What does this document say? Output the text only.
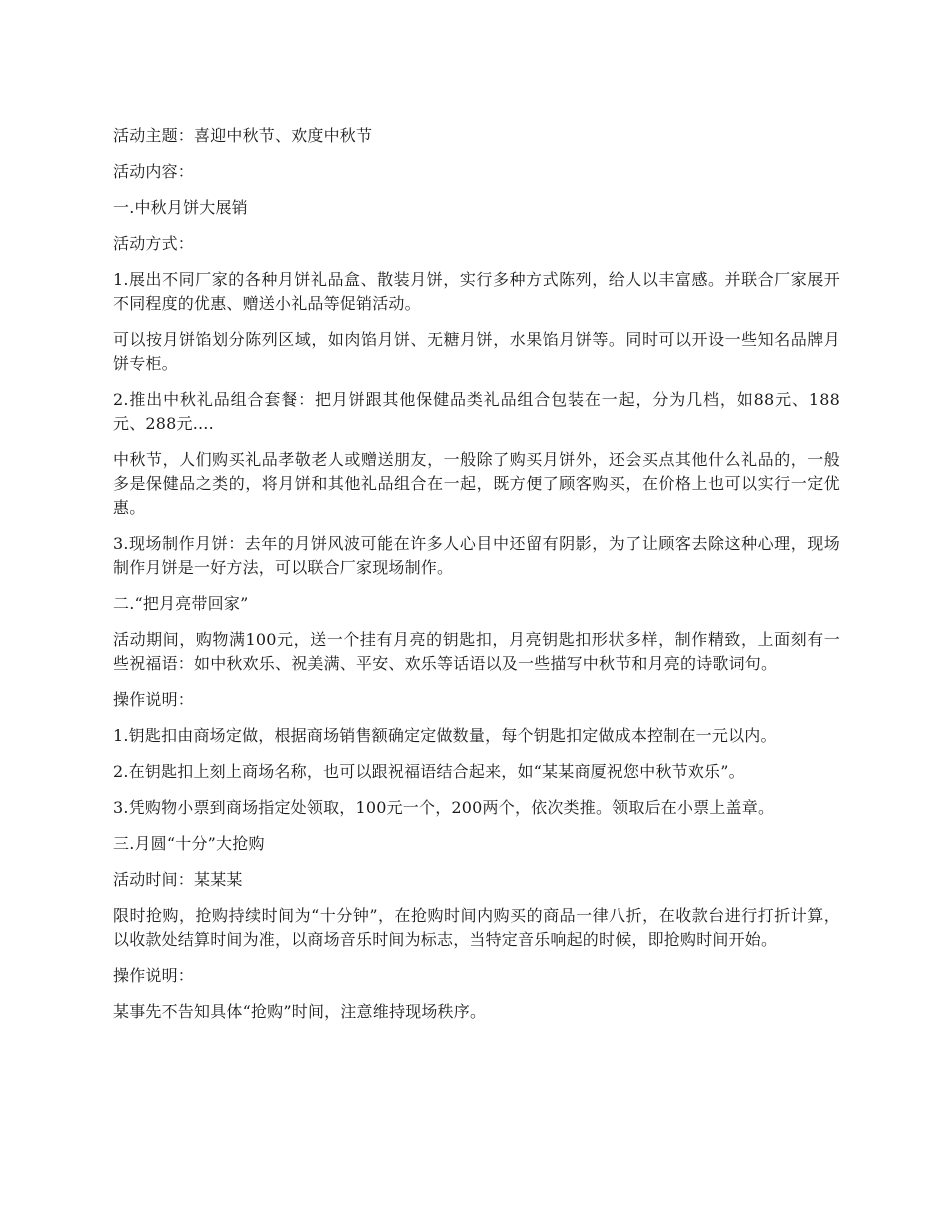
活动主题：喜迎中秋节、欢度中秋节

活动内容：

一.中秋月饼大展销

活动方式：

1.展出不同厂家的各种月饼礼品盒、散装月饼，实行多种方式陈列，给人以丰富感。并联合厂家展开不同程度的优惠、赠送小礼品等促销活动。

可以按月饼馅划分陈列区域，如肉馅月饼、无糖月饼，水果馅月饼等。同时可以开设一些知名品牌月饼专柜。

2.推出中秋礼品组合套餐：把月饼跟其他保健品类礼品组合包装在一起，分为几档，如88元、188元、288元....

中秋节，人们购买礼品孝敬老人或赠送朋友，一般除了购买月饼外，还会买点其他什么礼品的，一般多是保健品之类的，将月饼和其他礼品组合在一起，既方便了顾客购买，在价格上也可以实行一定优惠。

3.现场制作月饼：去年的月饼风波可能在许多人心目中还留有阴影，为了让顾客去除这种心理，现场制作月饼是一好方法，可以联合厂家现场制作。

二.“把月亮带回家”

活动期间，购物满100元，送一个挂有月亮的钥匙扣，月亮钥匙扣形状多样，制作精致，上面刻有一些祝福语：如中秋欢乐、祝美满、平安、欢乐等话语以及一些描写中秋节和月亮的诗歌词句。

操作说明：

1.钥匙扣由商场定做，根据商场销售额确定定做数量，每个钥匙扣定做成本控制在一元以内。

2.在钥匙扣上刻上商场名称，也可以跟祝福语结合起来，如“某某商厦祝您中秋节欢乐”。

3.凭购物小票到商场指定处领取，100元一个，200两个，依次类推。领取后在小票上盖章。

三.月圆“十分”大抢购

活动时间：某某某

限时抢购，抢购持续时间为“十分钟”，在抢购时间内购买的商品一律八折，在收款台进行打折计算，以收款处结算时间为准，以商场音乐时间为标志，当特定音乐响起的时候，即抢购时间开始。

操作说明：

某事先不告知具体“抢购”时间，注意维持现场秩序。
